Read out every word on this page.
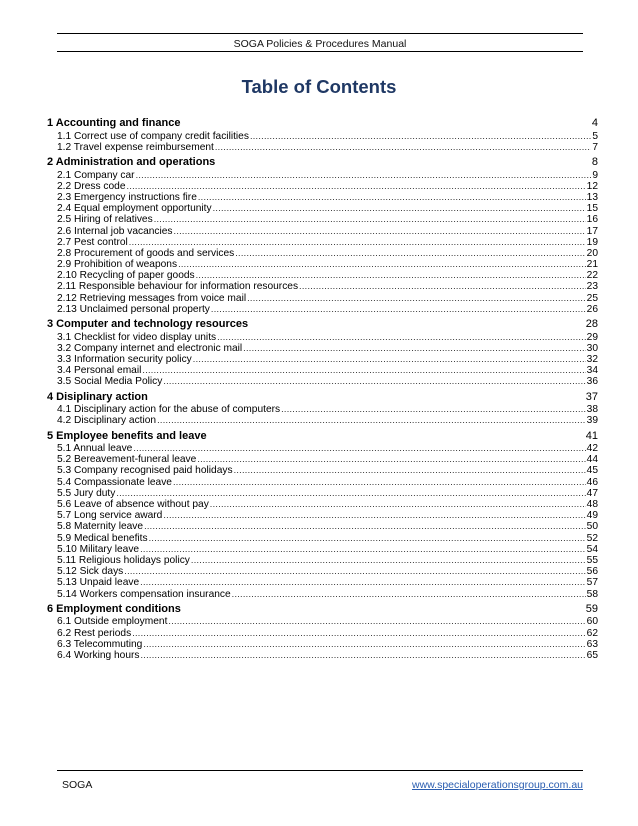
SOGA Policies & Procedures Manual
Table of Contents
1 Accounting and finance	4
1.1 Correct use of company credit facilities .....	5
1.2 Travel expense reimbursement .....	7
2 Administration and operations	8
2.1 Company car .....	9
2.2 Dress code .....	12
2.3 Emergency instructions fire .....	13
2.4 Equal employment opportunity .....	15
2.5 Hiring of relatives .....	16
2.6 Internal job vacancies .....	17
2.7 Pest control .....	19
2.8 Procurement of goods and services .....	20
2.9 Prohibition of weapons .....	21
2.10 Recycling of paper goods .....	22
2.11 Responsible behaviour for information resources .....	23
2.12 Retrieving messages from voice mail .....	25
2.13 Unclaimed personal property .....	26
3 Computer and technology resources	28
3.1 Checklist for video display units .....	29
3.2 Company internet and electronic mail .....	30
3.3 Information security policy .....	32
3.4 Personal email .....	34
3.5 Social Media Policy .....	36
4 Disiplinary action	37
4.1 Disciplinary action for the abuse of computers .....	38
4.2 Disciplinary action .....	39
5 Employee benefits and leave	41
5.1 Annual leave .....	42
5.2 Bereavement-funeral leave .....	44
5.3 Company recognised paid holidays .....	45
5.4 Compassionate leave .....	46
5.5 Jury duty .....	47
5.6 Leave of absence without pay .....	48
5.7 Long service award .....	49
5.8 Maternity leave .....	50
5.9 Medical benefits .....	52
5.10 Military leave .....	54
5.11 Religious holidays policy .....	55
5.12 Sick days .....	56
5.13 Unpaid leave .....	57
5.14 Workers compensation insurance .....	58
6 Employment conditions	59
6.1 Outside employment .....	60
6.2 Rest periods .....	62
6.3 Telecommuting .....	63
6.4 Working hours .....	65
SOGA	www.specialoperationsgroup.com.au
